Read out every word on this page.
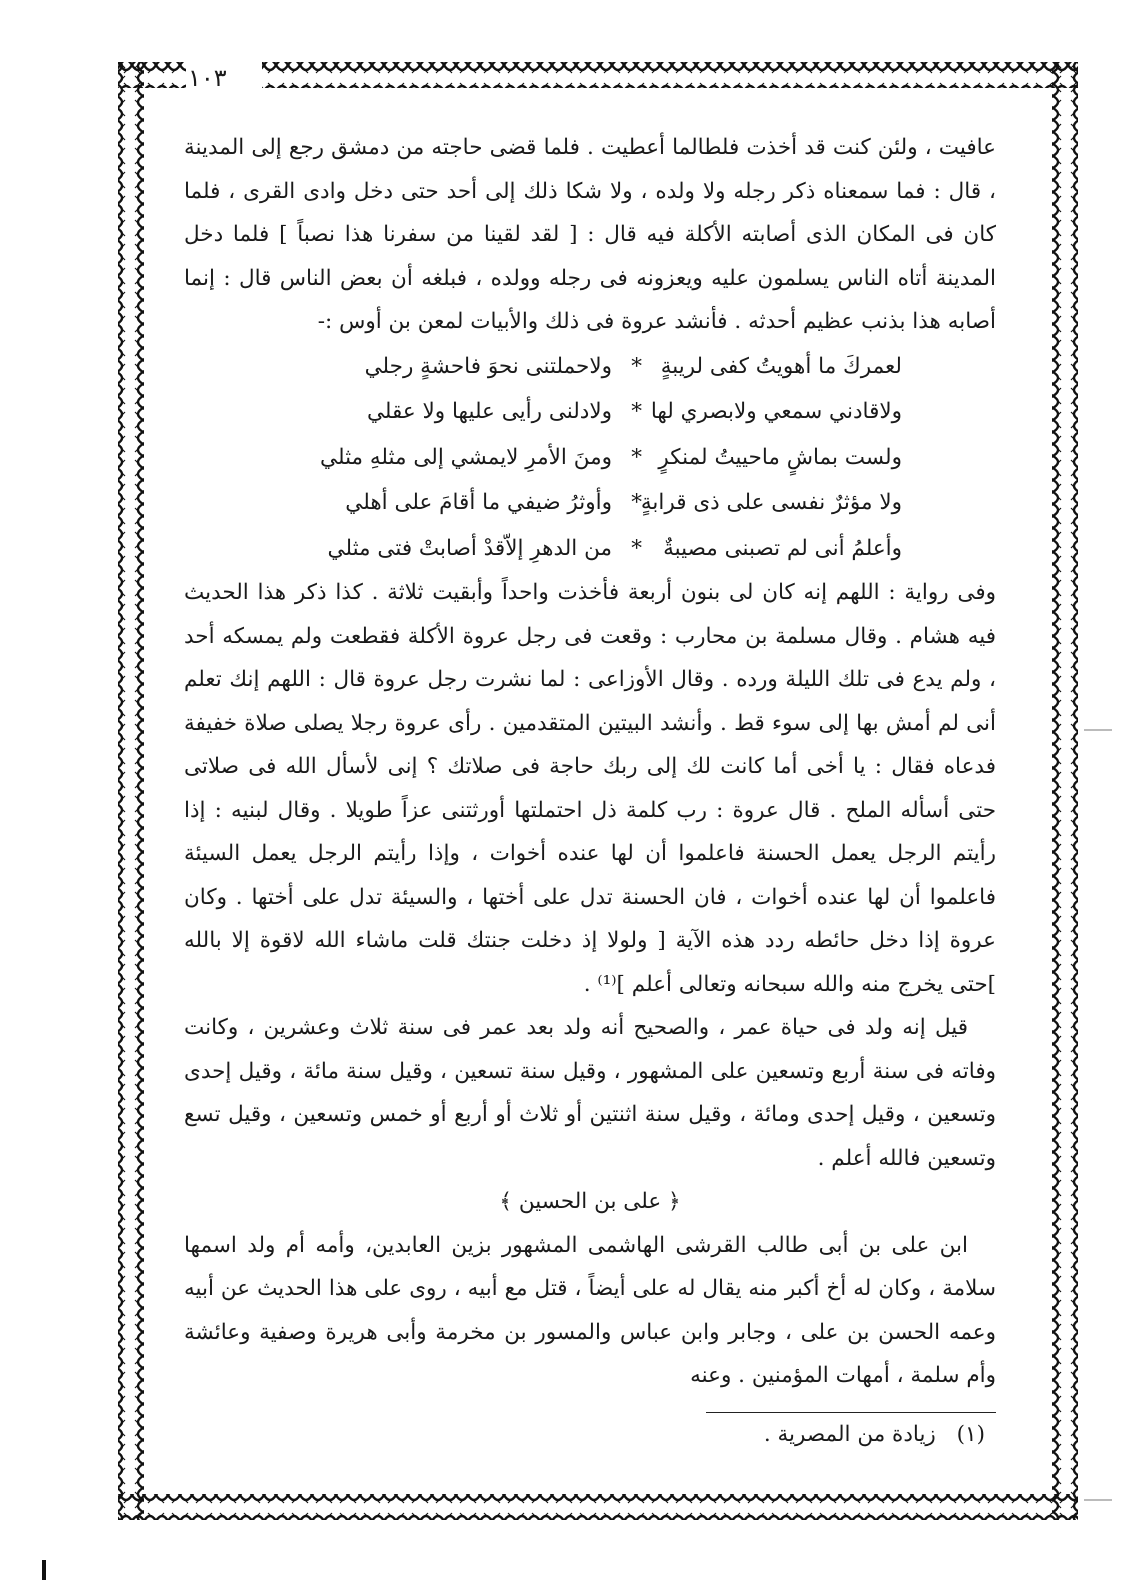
١٠٣

عافيت ، ولئن كنت قد أخذت فلطالما أعطيت . فلما قضى حاجته من دمشق رجع إلى المدينة ، قال : فما سمعناه ذكر رجله ولا ولده ، ولا شكا ذلك إلى أحد حتى دخل وادى القرى ، فلما كان فى المكان الذى أصابته الأكلة فيه قال : [ لقد لقينا من سفرنا هذا نصباً ] فلما دخل المدينة أتاه الناس يسلمون عليه ويعزونه فى رجله وولده ، فبلغه أن بعض الناس قال : إنما أصابه هذا بذنب عظيم أحدثه . فأنشد عروة فى ذلك والأبيات لمعن بن أوس :-

لعمركَ ما أهويتُ كفى لريبةٍ
*
ولاحملتنى نحوَ فاحشةٍ رجلي
ولاقادني سمعي ولابصري لها
*
ولادلنى رأيى عليها ولا عقلي
ولست بماشٍ ماحييتُ لمنكرٍ
*
ومنَ الأمرِ لايمشي إلى مثلهِ مثلي
ولا مؤثرٌ نفسى على ذى قرابةٍ
*
وأوثرُ ضيفي ما أقامَ على أهلي
وأعلمُ أنى لم تصبنى مصيبةٌ
*
من الدهرِ إلاّقدْ أصابتْ فتى مثلي

وفى رواية : اللهم إنه كان لى بنون أربعة فأخذت واحداً وأبقيت ثلاثة . كذا ذكر هذا الحديث فيه هشام . وقال مسلمة بن محارب : وقعت فى رجل عروة الأكلة فقطعت ولم يمسكه أحد ، ولم يدع فى تلك الليلة ورده . وقال الأوزاعى : لما نشرت رجل عروة قال : اللهم إنك تعلم أنى لم أمش بها إلى سوء قط . وأنشد البيتين المتقدمين . رأى عروة رجلا يصلى صلاة خفيفة فدعاه فقال : يا أخى أما كانت لك إلى ربك حاجة فى صلاتك ؟ إنى لأسأل الله فى صلاتى حتى أسأله الملح . قال عروة : رب كلمة ذل احتملتها أورثتنى عزاً طويلا . وقال لبنيه : إذا رأيتم الرجل يعمل الحسنة فاعلموا أن لها عنده أخوات ، وإذا رأيتم الرجل يعمل السيئة فاعلموا أن لها عنده أخوات ، فان الحسنة تدل على أختها ، والسيئة تدل على أختها . وكان عروة إذا دخل حائطه ردد هذه الآية [ ولولا إذ دخلت جنتك قلت ماشاء الله لاقوة إلا بالله ]حتى يخرج منه والله سبحانه وتعالى أعلم ]⁽¹⁾ .

قيل إنه ولد فى حياة عمر ، والصحيح أنه ولد بعد عمر فى سنة ثلاث وعشرين ، وكانت وفاته فى سنة أربع وتسعين على المشهور ، وقيل سنة تسعين ، وقيل سنة مائة ، وقيل إحدى وتسعين ، وقيل إحدى ومائة ، وقيل سنة اثنتين أو ثلاث أو أربع أو خمس وتسعين ، وقيل تسع وتسعين فالله أعلم .

﴿ على بن الحسين ﴾

ابن على بن أبى طالب القرشى الهاشمى المشهور بزين العابدين، وأمه أم ولد اسمها سلامة ، وكان له أخ أكبر منه يقال له على أيضاً ، قتل مع أبيه ، روى على هذا الحديث عن أبيه وعمه الحسن بن على ، وجابر وابن عباس والمسور بن مخرمة وأبى هريرة وصفية وعائشة وأم سلمة ، أمهات المؤمنين . وعنه

(١) زيادة من المصرية .
